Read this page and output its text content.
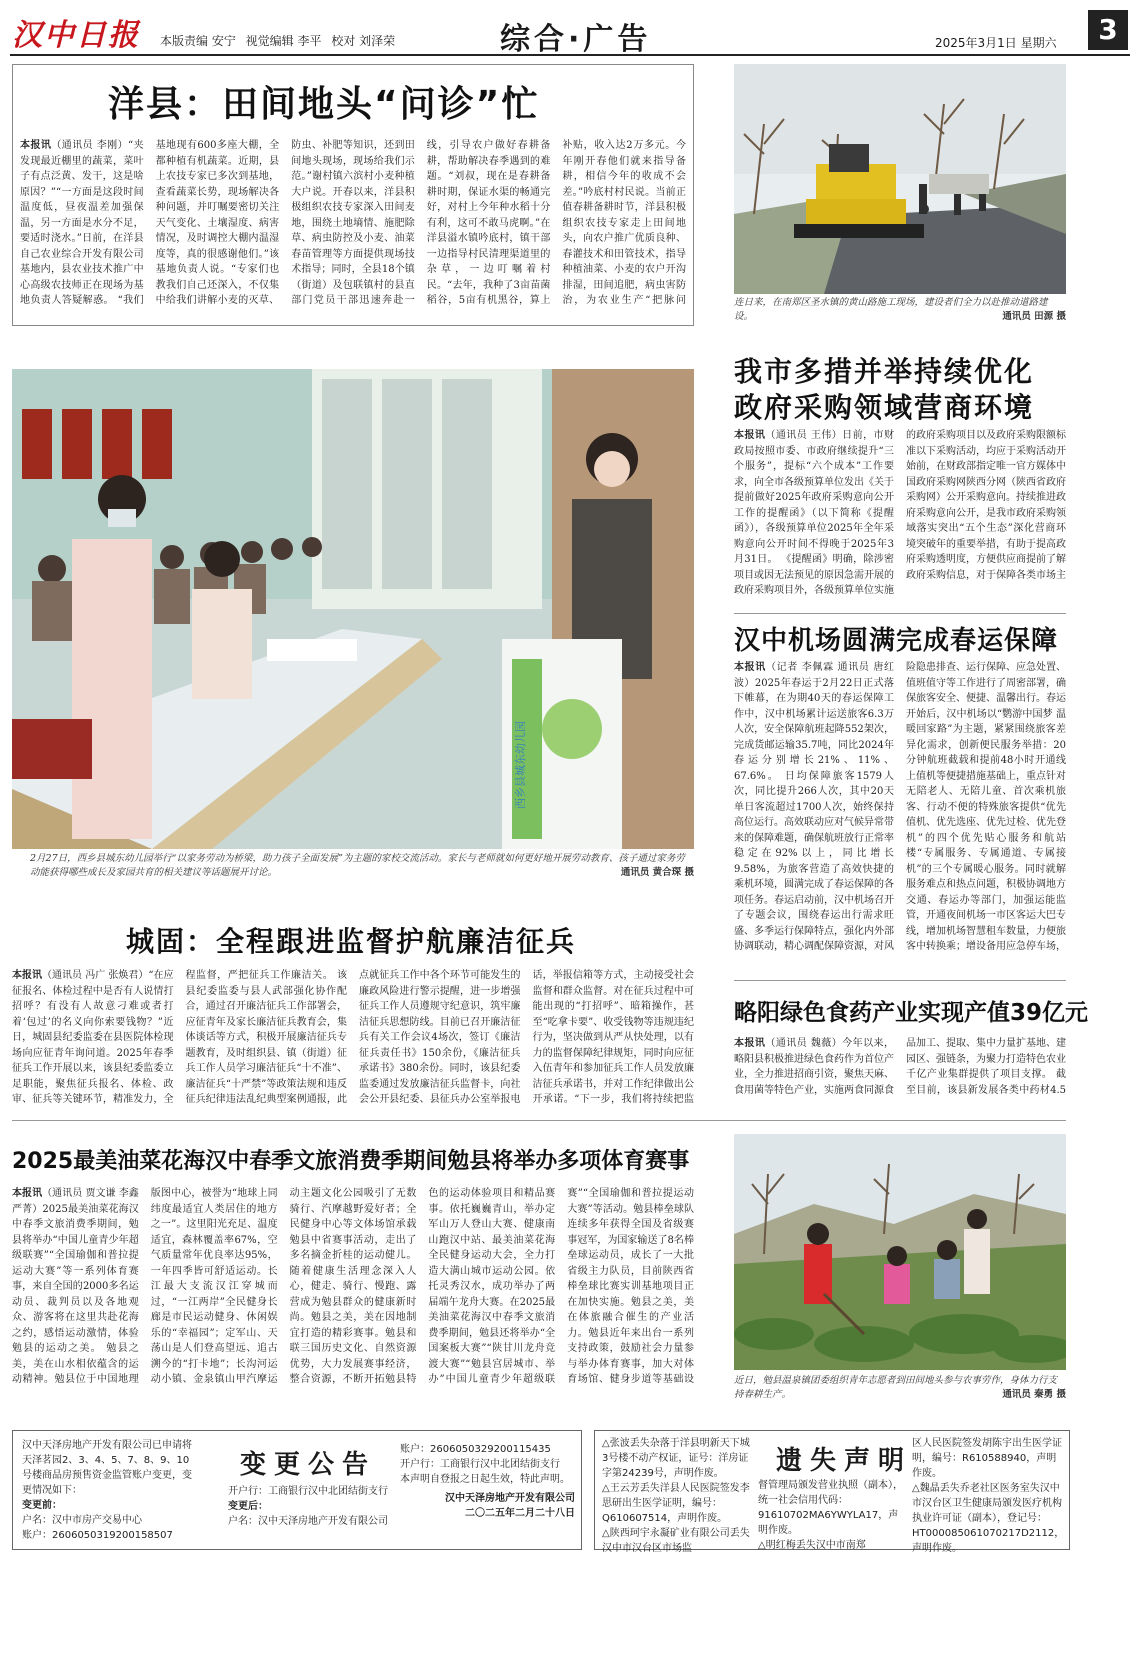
汉中日报 本版责编 安宁 视觉编辑 李平 校对 刘泽荣	综合·广告	2025年3月1日 星期六	3
洋县：田间地头“问诊”忙
本报讯（通讯员 李刚）“夹发现最近棚里的蔬菜，菜叶子有点泛黄、发干，这是啥原因？”“一方面是这段时间温度低，昼夜温差加强保温，另一方面是水分不足，要适时浇水。”日前，在洋县自己农业综合开发有限公司基地内，县农业技术推广中心高级农技师正在现场为基地负责人答疑解惑。 “我们基地现有600多座大棚，全都种植有机蔬菜。近期，县上农技专家已多次到基地，查看蔬菜长势，现场解决各种问题，并叮嘱要密切关注天气变化、土壤湿度、病害情况，及时调控大棚内温湿度等，真的很感谢他们。”该基地负责人说。“专家们也教我们自己还深入，不仅集中给我们讲解小麦的灭草、防虫、补肥等知识，还到田间地头现场，现场给我们示范。”谢村镇六滨村小麦种植大户说。开春以来，洋县积极组织农技专家深入田间麦地，围绕土地墒情、施肥除草、病虫防控及小麦、油菜春苗管理等方面提供现场技术指导；同时，全县18个镇（街道）及包联镇村的县直部门党员干部迅速奔赴一线，引导农户做好春耕备耕，帮助解决春季遇到的难题。“刘叔，现在是春耕备耕时期，保证水渠的畅通完好，对村上今年种水稻十分有利，这可不敢马虎啊。”在洋县溢水镇吟底村，镇干部一边指导村民清理渠道里的杂草，一边叮嘱着村民。“去年，我种了3亩苗菌稻谷，5亩有机黑谷，算上补贴，收入达2万多元。今年刚开春他们就来指导备耕，相信今年的收成不会差。”吟底村村民说。当前正值春耕备耕时节，洋县积极组织农技专家走上田间地头，向农户推广优质良种、春灌技术和田管技术，指导种植油菜、小麦的农户开沟排湿，田间追肥，病虫害防治，为农业生产“把脉问	连日来，在南郑区圣水镇的黄山路施工现场，建设者们全力以赴推动道路建设。	通讯员 田源 摄
西乡县城东幼儿园
2月27日，西乡县城东幼儿园举行“以家务劳动为桥梁，助力孩子全面发展”为主题的家校交流活动。家长与老师就如何更好地开展劳动教育、孩子通过家务劳动能获得哪些成长及家园共育的相关建议等话题展开讨论。	通讯员 黄合琛 摄
我市多措并举持续优化
政府采购领域营商环境
本报讯（通讯员 王伟）日前，市财政局按照市委、市政府继续提升“三个服务”，提标“六个成本”工作要求，向全市各级预算单位发出《关于提前做好2025年政府采购意向公开工作的提醒函》（以下简称《提醒函》），各级预算单位2025年全年采购意向公开时间不得晚于2025年3月31日。 《提醒函》明确，除涉密项目或因无法预见的原因急需开展的政府采购项目外，各级预算单位实施的政府采购项目以及政府采购限额标准以下采购活动，均应于采购活动开始前，在财政部指定唯一官方媒体中国政府采购网陕西分网（陕西省政府采购网）公开采购意向。持续推进政府采购意向公开，是我市政府采购领域落实突出“五个生态”深化营商环境突破年的重要举措，有助于提高政府采购透明度，方便供应商提前了解政府采购信息，对于保障各类市场主
汉中机场圆满完成春运保障
本报讯（记者 李佩霖 通讯员 唐红波）2025年春运于2月22日正式落下帷幕，在为期40天的春运保障工作中，汉中机场累计运送旅客6.3万人次，安全保障航班起降552架次，完成货邮运输35.7吨，同比2024年春运分别增长21%、11%、67.6%。 日均保障旅客1579人次，同比提升266人次，其中20天单日客流超过1700人次，始终保持高位运行。高效联动应对气候异常带来的保障难题，确保航班放行正常率稳定在92%以上，同比增长9.58%，为旅客营造了高效快捷的乘机环境，圆满完成了春运保障的各项任务。春运启动前，汉中机场召开了专题会议，围绕春运出行需求旺盛、多季运行保障特点，强化内外部协调联动，精心调配保障资源，对风险隐患排查、运行保障、应急处置、值班值守等工作进行了周密部署，确保旅客安全、便捷、温馨出行。春运开始后，汉中机场以“鹦游中国梦 温暖回家路”为主题，紧紧围绕旅客差异化需求，创新便民服务举措：20分钟航班截载和提前48小时开通线上值机等便捷措施基础上，重点针对无陪老人、无陪儿童、首次乘机旅客、行动不便的特殊旅客提供“优先值机、优先选座、优先过检、优先登机”的四个优先贴心服务和航站楼“专属服务、专属通道、专属接机”的三个专属暖心服务。同时就解服务难点和热点问题，积极协调地方交通、春运办等部门，加强运能监管，开通夜间机场一市区客运大巴专线，增加机场智慧租车数量，力便旅客中转换乘；增设备用应急停车场，
城固：全程跟进监督护航廉洁征兵
本报讯（通讯员 冯广 张焕君）“在应征报名、体检过程中是否有人说情打招呼？有没有人故意刁难或者打着‘包过’的名义向你索要钱物？”近日，城固县纪委监委在县医院体检现场向应征青年询问道。2025年春季征兵工作开展以来，该县纪委监委立足职能，聚焦征兵报名、体检、政审、征兵等关键环节，精准发力，全程监督，严把征兵工作廉洁关。 该县纪委监委与县人武部强化协作配合，通过召开廉洁征兵工作部署会，应征青年及家长廉洁征兵教育会，集体谈话等方式，积极开展廉洁征兵专题教育，及时组织县、镇（街道）征兵工作人员学习廉洁征兵“十不准”、廉洁征兵“十严禁”等政策法规和违反征兵纪律违法乱纪典型案例通报，此点就征兵工作中各个环节可能发生的廉政风险进行警示提醒，进一步增强征兵工作人员遵规守纪意识，筑牢廉洁征兵思想防线。目前已召开廉洁征兵有关工作会议4场次，签订《廉洁征兵责任书》150余份，《廉洁征兵承诺书》380余份。同时，该县纪委监委通过发放廉洁征兵监督卡，向社会公开县纪委、县征兵办公室举报电话，举报信箱等方式，主动接受社会监督和群众监督。对在征兵过程中可能出现的“打招呼”、暗箱操作，甚至“吃拿卡要”、收受钱物等违规违纪行为，坚决做到从严从快处理，以有力的监督保障纪律规矩，同时向应征入伍青年和参加征兵工作人员发放廉洁征兵承诺书，并对工作纪律做出公开承诺。“下一步，我们将持续把监
略阳绿色食药产业实现产值39亿元
本报讯（通讯员 魏薇）今年以来，略阳县积极推进绿色食药作为首位产业，全力推进招商引资，聚焦天麻、食用菌等特色产业，实施两食同源食品加工、提取、集中力量扩基地、建园区、强链条，为聚力打造特色农业千亿产业集群提供了项目支撑。 截至目前，该县新发展各类中药材4.5
2025最美油菜花海汉中春季文旅消费季期间勉县将举办多项体育赛事
本报讯（通讯员 贾文谦 李鑫 严菁）2025最美油菜花海汉中春季文旅消费季期间，勉县将举办“中国儿童青少年超级联赛”“全国瑜伽和普拉提运动大赛”等一系列体育赛事，来自全国的2000多名运动员、裁判员以及各地观众、游客将在这里共赴花海之约，感悟运动激情，体验勉县的运动之美。 勉县之美，美在山水相依蕴含的运动精神。勉县位于中国地理版图中心，被誉为“地球上同纬度最适宜人类居住的地方之一”。这里阳光充足、温度适宜，森林覆盖率67%，空气质量常年优良率达95%，一年四季皆可舒适运动。长江最大支流汉江穿城而过，“一江两岸”全民健身长廊是市民运动健身、休闲娱乐的“幸福园”；定军山、天荡山是人们登高望远、追古溯今的“打卡地”；长沟河运动小镇、金泉镇山甲汽摩运动主题文化公园吸引了无数骑行、汽摩越野爱好者；全民健身中心等文体场馆承载勉县中省赛事活动，走出了多名摘金折桂的运动健儿。随着健康生活理念深入人心，健走、骑行、慢跑、露营成为勉县群众的健康新时尚。勉县之美，美在因地制宜打造的精彩赛事。勉县和联三国历史文化、自然资源优势，大力发展赛事经济，整合资源，不断开拓勉县特色的运动体验项目和精品赛事。依托巍巍青山，举办定军山万人登山大赛、健康南山跑汉中站、最美油菜花海全民健身运动大会，全力打造大满山城市运动公园。依托灵秀汉水，成功举办了两届端午龙舟大赛。在2025最美油菜花海汉中春季文旅消费季期间，勉县还将举办“全国案板大赛”“陕甘川龙舟竞渡大赛”“勉县宫居城市、举办”中国儿童青少年超级联赛”“全国瑜伽和普拉提运动大赛”等活动。勉县棒垒球队连续多年获得全国及省级赛事冠军，为国家输送了8名棒垒球运动员，成长了一大批省级主力队员，目前陕西省棒垒球比赛实训基地项目正在加快实施。勉县之美，美在体旅融合催生的产业活力。勉县近年来出台一系列支持政策，鼓励社会力量参与举办体育赛事，加大对体育场馆、健身步道等基础设	近日，勉县温泉镇团委组织青年志愿者到田间地头参与农事劳作，身体力行支持春耕生产。	通讯员 秦勇 摄
汉中天泽房地产开发有限公司已申请将天泽茗园2、3、4、5、7、8、9、10号楼商品房预售资金监管账户变更，变更情况如下：
变更前：
户名：汉中市房产交易中心
账户：2606050319200158507
变更公告
开户行：工商银行汉中北团结街支行
变更后：
户名：汉中天泽房地产开发有限公司
账户：2606050329200115435
开户行：工商银行汉中北团结街支行
本声明自登报之日起生效，特此声明。
汉中天泽房地产开发有限公司
二〇二五年二月二十八日
△张波丢失杂落于洋县明新天下城3号楼不动产权证，证号：洋房证字第24239号，声明作废。
△王云芳丢失洋县人民医院签发李思研出生医学证明，编号：Q610607514，声明作废。
△陕西珂宇永凝矿业有限公司丢失汉中市汉台区市场监
遗失声明
督管理局颁发营业执照（副本），统一社会信用代码：91610702MA6YWYLA17，声明作废。
△明红梅丢失汉中市南郑
区人民医院签发胡陈宇出生医学证明，编号：R610588940，声明作废。
△魏晶丢失乔老社区医务室失汉中市汉台区卫生健康局颁发医疗机构执业许可证（副本），登记号：HT000085061070217D2112，声明作废。
